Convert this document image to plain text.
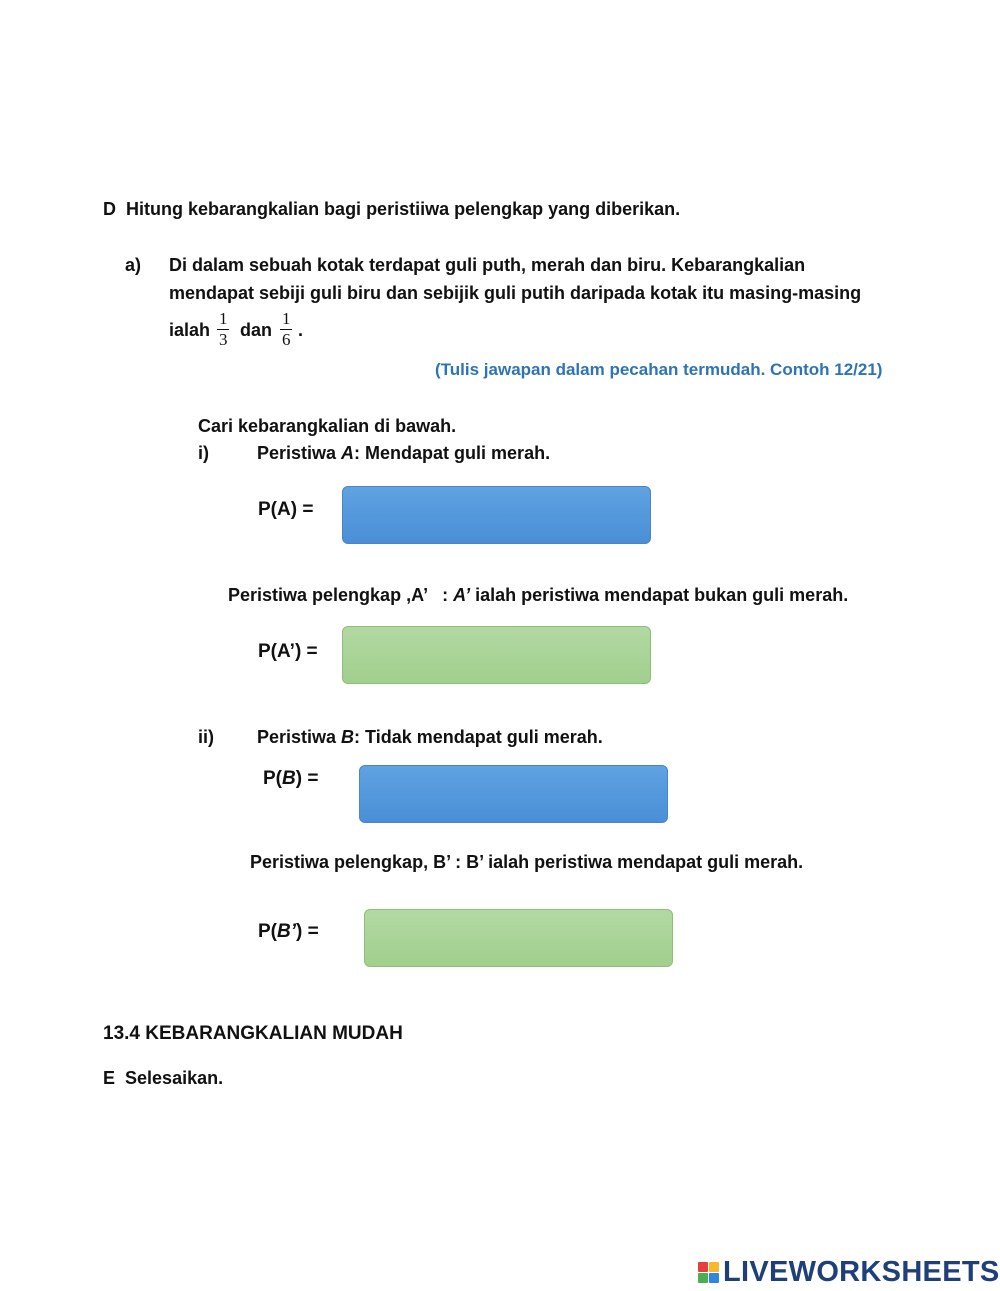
D Hitung kebarangkalian bagi peristiiwa pelengkap yang diberikan.
a) Di dalam sebuah kotak terdapat guli puth, merah dan biru. Kebarangkalian
mendapat sebiji guli biru dan sebijik guli putih daripada kotak itu masing-masing
ialah
1
3 dan
1
6 .
(Tulis jawapan dalam pecahan termudah. Contoh 12/21)
Cari kebarangkalian di bawah.
i)	Peristiwa A: Mendapat guli merah.
P(A) =
Peristiwa pelengkap ,A’   : A’ ialah peristiwa mendapat bukan guli merah.
P(A’) =
ii) Peristiwa B: Tidak mendapat guli merah.
P(B) =
Peristiwa pelengkap, B’ : B’ ialah peristiwa mendapat guli merah.
P(B’) =
13.4 KEBARANGKALIAN MUDAH
E Selesaikan.
LIVEWORKSHEETS
